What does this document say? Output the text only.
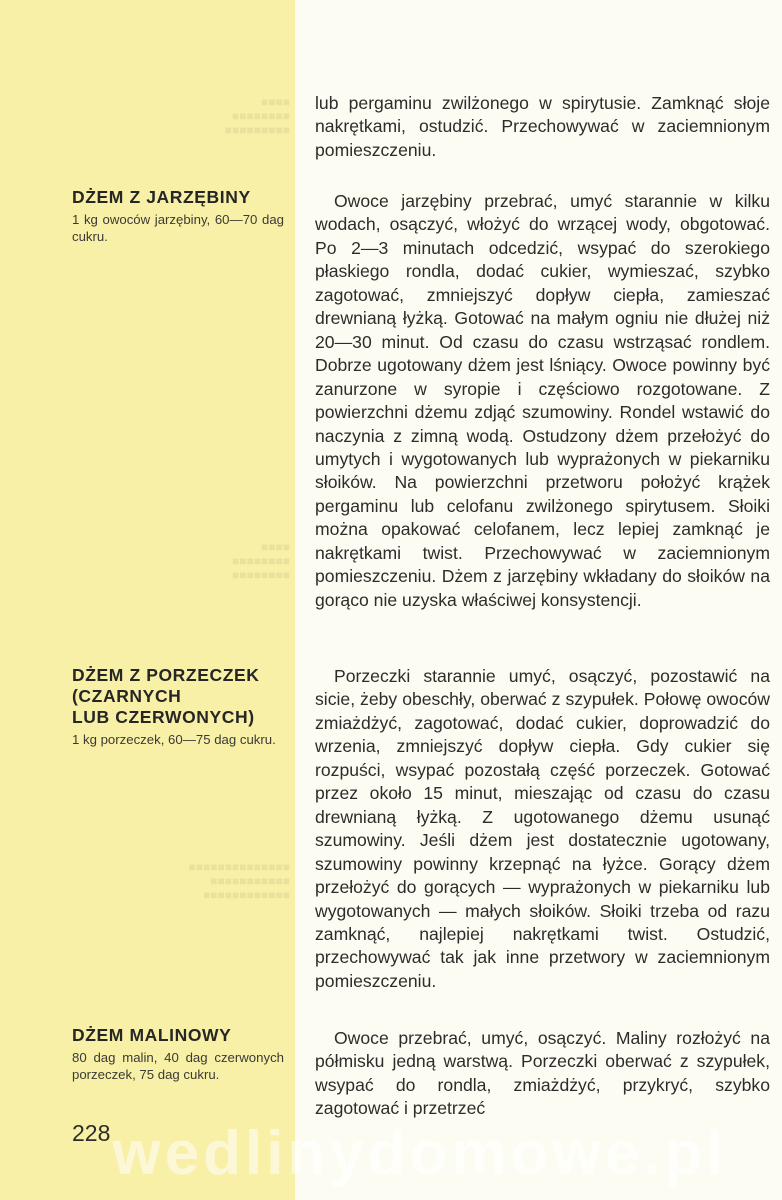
DŻEM Z JARZĘBINY
1 kg owoców jarzębiny, 60—70 dag cukru.
DŻEM Z PORZECZEK
(CZARNYCH
LUB CZERWONYCH)
1 kg porzeczek, 60—75 dag cukru.
DŻEM MALINOWY
80 dag malin, 40 dag czerwonych porzeczek, 75 dag cukru.

lub pergaminu zwilżonego w spirytusie. Zamknąć słoje nakrętkami, ostudzić. Przechowywać w zaciemnionym pomieszczeniu.

Owoce jarzębiny przebrać, umyć starannie w kilku wodach, osączyć, włożyć do wrzącej wody, obgotować. Po 2—3 minutach odcedzić, wsypać do szerokiego płaskiego rondla, dodać cukier, wymieszać, szybko zagotować, zmniejszyć dopływ ciepła, zamieszać drewnianą łyżką. Gotować na małym ogniu nie dłużej niż 20—30 minut. Od czasu do czasu wstrząsać rondlem. Dobrze ugotowany dżem jest lśniący. Owoce powinny być zanurzone w syropie i częściowo rozgotowane. Z powierzchni dżemu zdjąć szumowiny. Rondel wstawić do naczynia z zimną wodą. Ostudzony dżem przełożyć do umytych i wygotowanych lub wyprażonych w piekarniku słoików. Na powierzchni przetworu położyć krążek pergaminu lub celofanu zwilżonego spirytusem. Słoiki można opakować celofanem, lecz lepiej zamknąć je nakrętkami twist. Przechowywać w zaciemnionym pomieszczeniu. Dżem z jarzębiny wkładany do słoików na gorąco nie uzyska właściwej konsystencji.

Porzeczki starannie umyć, osączyć, pozostawić na sicie, żeby obeschły, oberwać z szypułek. Połowę owoców zmiażdżyć, zagotować, dodać cukier, doprowadzić do wrzenia, zmniejszyć dopływ ciepła. Gdy cukier się rozpuści, wsypać pozostałą część porzeczek. Gotować przez około 15 minut, mieszając od czasu do czasu drewnianą łyżką. Z ugotowanego dżemu usunąć szumowiny. Jeśli dżem jest dostatecznie ugotowany, szumowiny powinny krzepnąć na łyżce. Gorący dżem przełożyć do gorących — wyprażonych w piekarniku lub wygotowanych — małych słoików. Słoiki trzeba od razu zamknąć, najlepiej nakrętkami twist. Ostudzić, przechowywać tak jak inne przetwory w zaciemnionym pomieszczeniu.

Owoce przebrać, umyć, osączyć. Maliny rozłożyć na półmisku jedną warstwą. Porzeczki oberwać z szypułek, wsypać do rondla, zmiażdżyć, przykryć, szybko zagotować i przetrzeć

wedlinydomowe.pl
228
